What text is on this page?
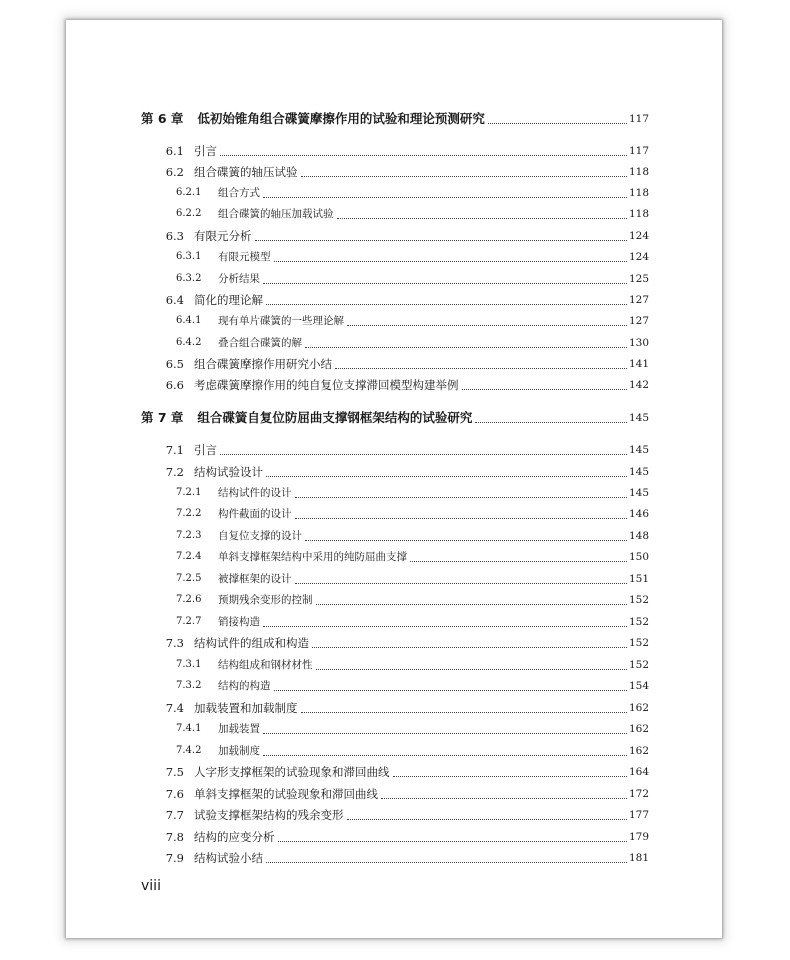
第 6 章 低初始锥角组合碟簧摩擦作用的试验和理论预测研究	117
6.1 引言	117
6.2 组合碟簧的轴压试验	118
6.2.1	组合方式	118
6.2.2	组合碟簧的轴压加载试验	118
6.3 有限元分析	124
6.3.1	有限元模型	124
6.3.2	分析结果	125
6.4 简化的理论解	127
6.4.1	现有单片碟簧的一些理论解	127
6.4.2	叠合组合碟簧的解	130
6.5 组合碟簧摩擦作用研究小结	141
6.6 考虑碟簧摩擦作用的纯自复位支撑滞回模型构建举例	142
第 7 章 组合碟簧自复位防屈曲支撑钢框架结构的试验研究	145
7.1 引言	145
7.2 结构试验设计	145
7.2.1	结构试件的设计	145
7.2.2	构件截面的设计	146
7.2.3	自复位支撑的设计	148
7.2.4	单斜支撑框架结构中采用的纯防屈曲支撑	150
7.2.5	被撑框架的设计	151
7.2.6	预期残余变形的控制	152
7.2.7	销接构造	152
7.3 结构试件的组成和构造	152
7.3.1	结构组成和钢材材性	152
7.3.2	结构的构造	154
7.4 加载装置和加载制度	162
7.4.1	加载装置	162
7.4.2	加载制度	162
7.5 人字形支撑框架的试验现象和滞回曲线	164
7.6 单斜支撑框架的试验现象和滞回曲线	172
7.7 试验支撑框架结构的残余变形	177
7.8 结构的应变分析	179
7.9 结构试验小结	181
viii
